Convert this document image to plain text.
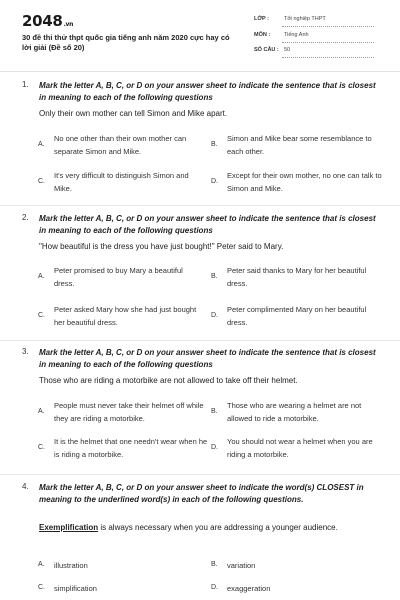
2048.vn
30 đề thi thử thpt quốc gia tiếng anh năm 2020 cực hay có lời giải (Đề số 20)
LỚP :	Tốt nghiệp THPT
MÔN :	Tiếng Anh
SỐ CÂU : 50
1. Mark the letter A, B, C, or D on your answer sheet to indicate the sentence that is closest in meaning to each of the following questions
Only their own mother can tell Simon and Mike apart.
A.
No one other than their own mother can separate Simon and Mike.
B.
Simon and Mike bear some resemblance to each other.
C.
It's very difficult to distinguish Simon and Mike.
D.
Except for their own mother, no one can talk to Simon and Mike.
2. Mark the letter A, B, C, or D on your answer sheet to indicate the sentence that is closest in meaning to each of the following questions
"How beautiful is the dress you have just bought!" Peter said to Mary.
A.
Peter promised to buy Mary a beautiful dress.
B.
Peter said thanks to Mary for her beautiful dress.
C.
Peter asked Mary how she had just bought her beautiful dress.
D.
Peter complimented Mary on her beautiful dress.
3. Mark the letter A, B, C, or D on your answer sheet to indicate the sentence that is closest in meaning to each of the following questions
Those who are riding a motorbike are not allowed to take off their helmet.
A.
People must never take their helmet off while they are riding a motorbike.
B.
Those who are wearing a helmet are not allowed to ride a motorbike.
C.
It is the helmet that one needn't wear when he is riding a motorbike.
D.
You should not wear a helmet when you are riding a motorbike.
4. Mark the letter A, B, C, or D on your answer sheet to indicate the word(s) CLOSEST in meaning to the underlined word(s) in each of the following questions.
Exemplification is always necessary when you are addressing a younger audience.
A. illustration	B. variation
C. simplification	D. exaggeration
